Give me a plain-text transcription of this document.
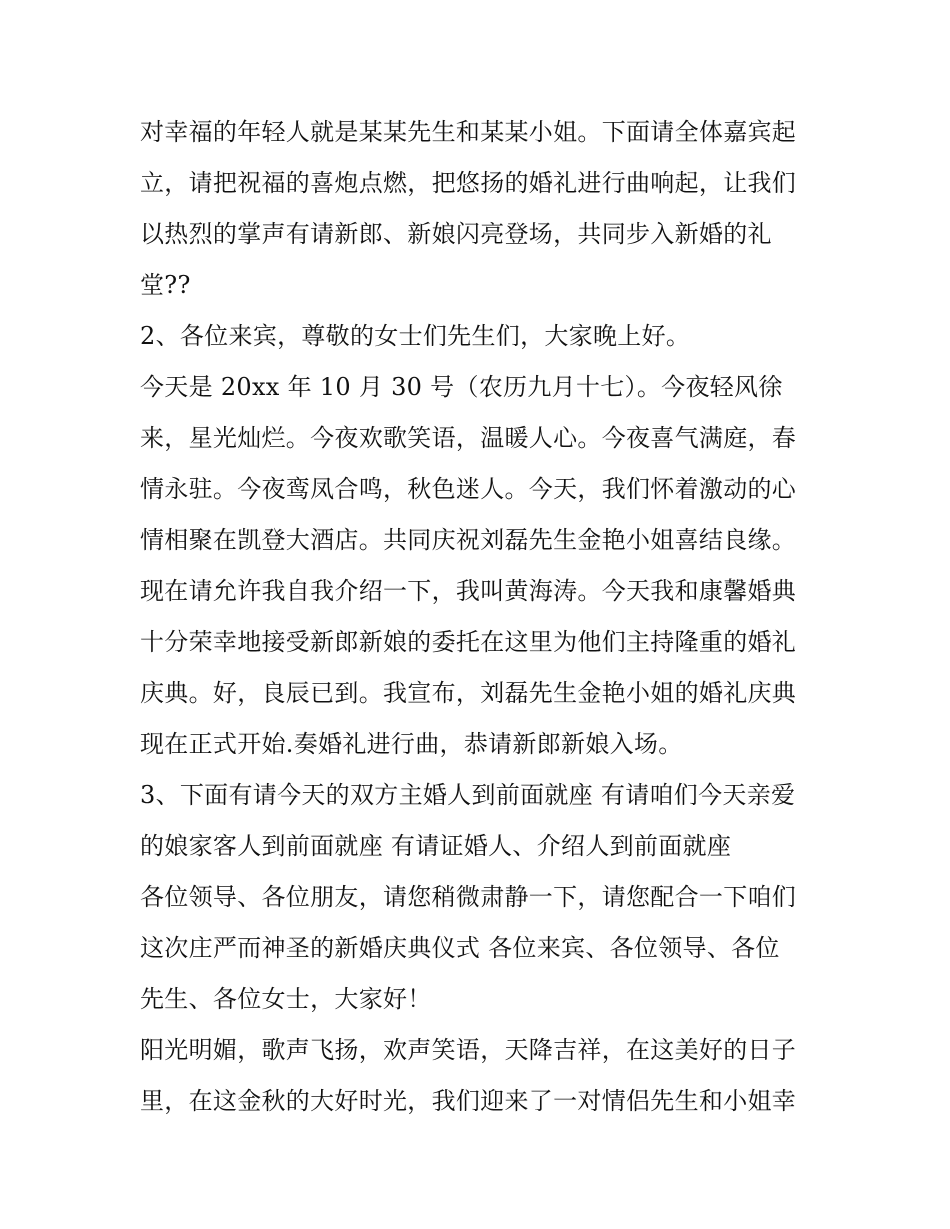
对幸福的年轻人就是某某先生和某某小姐。下面请全体嘉宾起
立，请把祝福的喜炮点燃，把悠扬的婚礼进行曲响起，让我们
以热烈的掌声有请新郎、新娘闪亮登场，共同步入新婚的礼
堂??
2、各位来宾，尊敬的女士们先生们，大家晚上好。
今天是 20xx 年 10 月 30 号（农历九月十七）。今夜轻风徐
来，星光灿烂。今夜欢歌笑语，温暖人心。今夜喜气满庭，春
情永驻。今夜鸾凤合鸣，秋色迷人。今天，我们怀着激动的心
情相聚在凯登大酒店。共同庆祝刘磊先生金艳小姐喜结良缘。
现在请允许我自我介绍一下，我叫黄海涛。今天我和康馨婚典
十分荣幸地接受新郎新娘的委托在这里为他们主持隆重的婚礼
庆典。好，良辰已到。我宣布，刘磊先生金艳小姐的婚礼庆典
现在正式开始.奏婚礼进行曲，恭请新郎新娘入场。
3、下面有请今天的双方主婚人到前面就座 有请咱们今天亲爱
的娘家客人到前面就座 有请证婚人、介绍人到前面就座
各位领导、各位朋友，请您稍微肃静一下，请您配合一下咱们
这次庄严而神圣的新婚庆典仪式 各位来宾、各位领导、各位
先生、各位女士，大家好！
阳光明媚，歌声飞扬，欢声笑语，天降吉祥，在这美好的日子
里，在这金秋的大好时光，我们迎来了一对情侣先生和小姐幸
